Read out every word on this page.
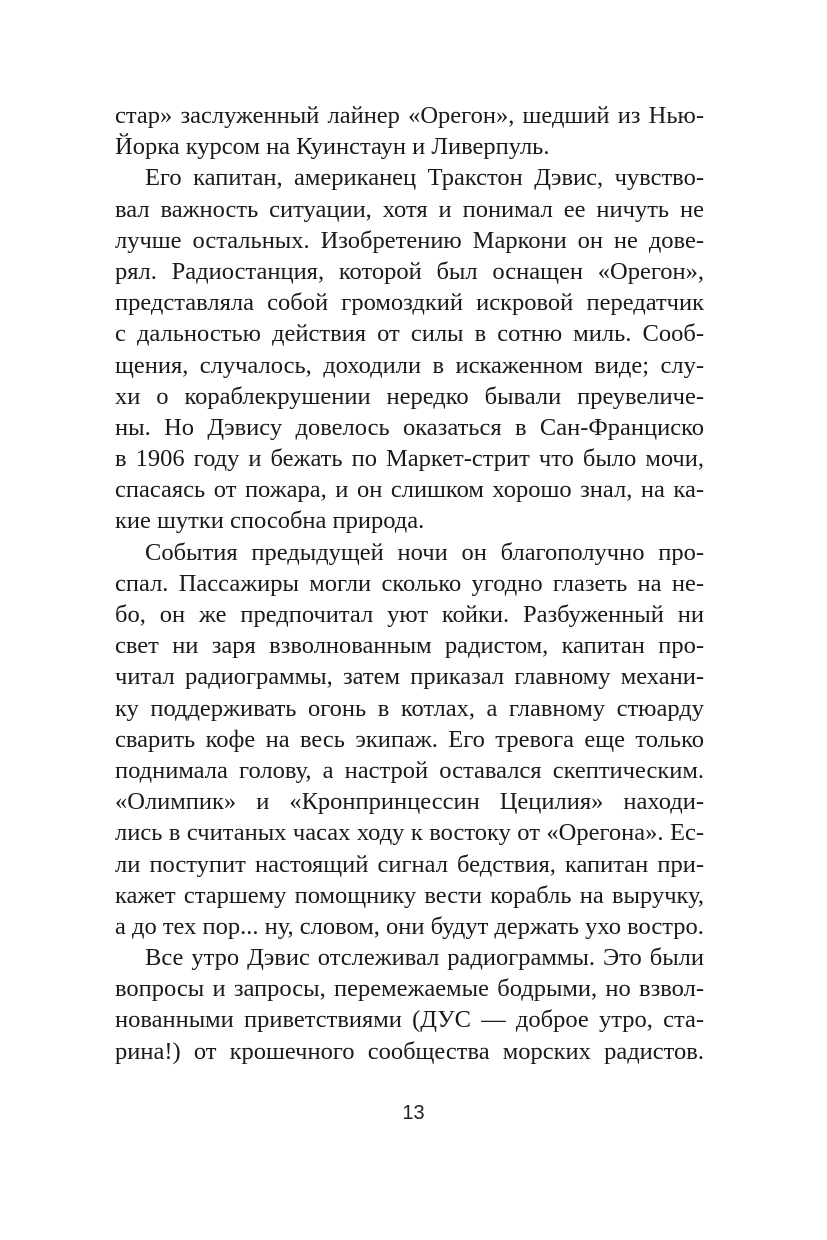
стар» заслуженный лайнер «Орегон», шедший из Нью-
Йорка курсом на Куинстаун и Ливерпуль.
Его капитан, американец Тракстон Дэвис, чувство-
вал важность ситуации, хотя и понимал ее ничуть не
лучше остальных. Изобретению Маркони он не дове-
рял. Радиостанция, которой был оснащен «Орегон»,
представляла собой громоздкий искровой передатчик
с дальностью действия от силы в сотню миль. Сооб-
щения, случалось, доходили в искаженном виде; слу-
хи о кораблекрушении нередко бывали преувеличе-
ны. Но Дэвису довелось оказаться в Сан-Франциско
в 1906 году и бежать по Маркет-стрит что было мочи,
спасаясь от пожара, и он слишком хорошо знал, на ка-
кие шутки способна природа.
События предыдущей ночи он благополучно про-
спал. Пассажиры могли сколько угодно глазеть на не-
бо, он же предпочитал уют койки. Разбуженный ни
свет ни заря взволнованным радистом, капитан про-
читал радиограммы, затем приказал главному механи-
ку поддерживать огонь в котлах, а главному стюарду
сварить кофе на весь экипаж. Его тревога еще только
поднимала голову, а настрой оставался скептическим.
«Олимпик» и «Кронпринцессин Цецилия» находи-
лись в считаных часах ходу к востоку от «Орегона». Ес-
ли поступит настоящий сигнал бедствия, капитан при-
кажет старшему помощнику вести корабль на выручку,
а до тех пор... ну, словом, они будут держать ухо востро.
Все утро Дэвис отслеживал радиограммы. Это были
вопросы и запросы, перемежаемые бодрыми, но взвол-
нованными приветствиями (ДУС — доброе утро, ста-
рина!) от крошечного сообщества морских радистов.
13
